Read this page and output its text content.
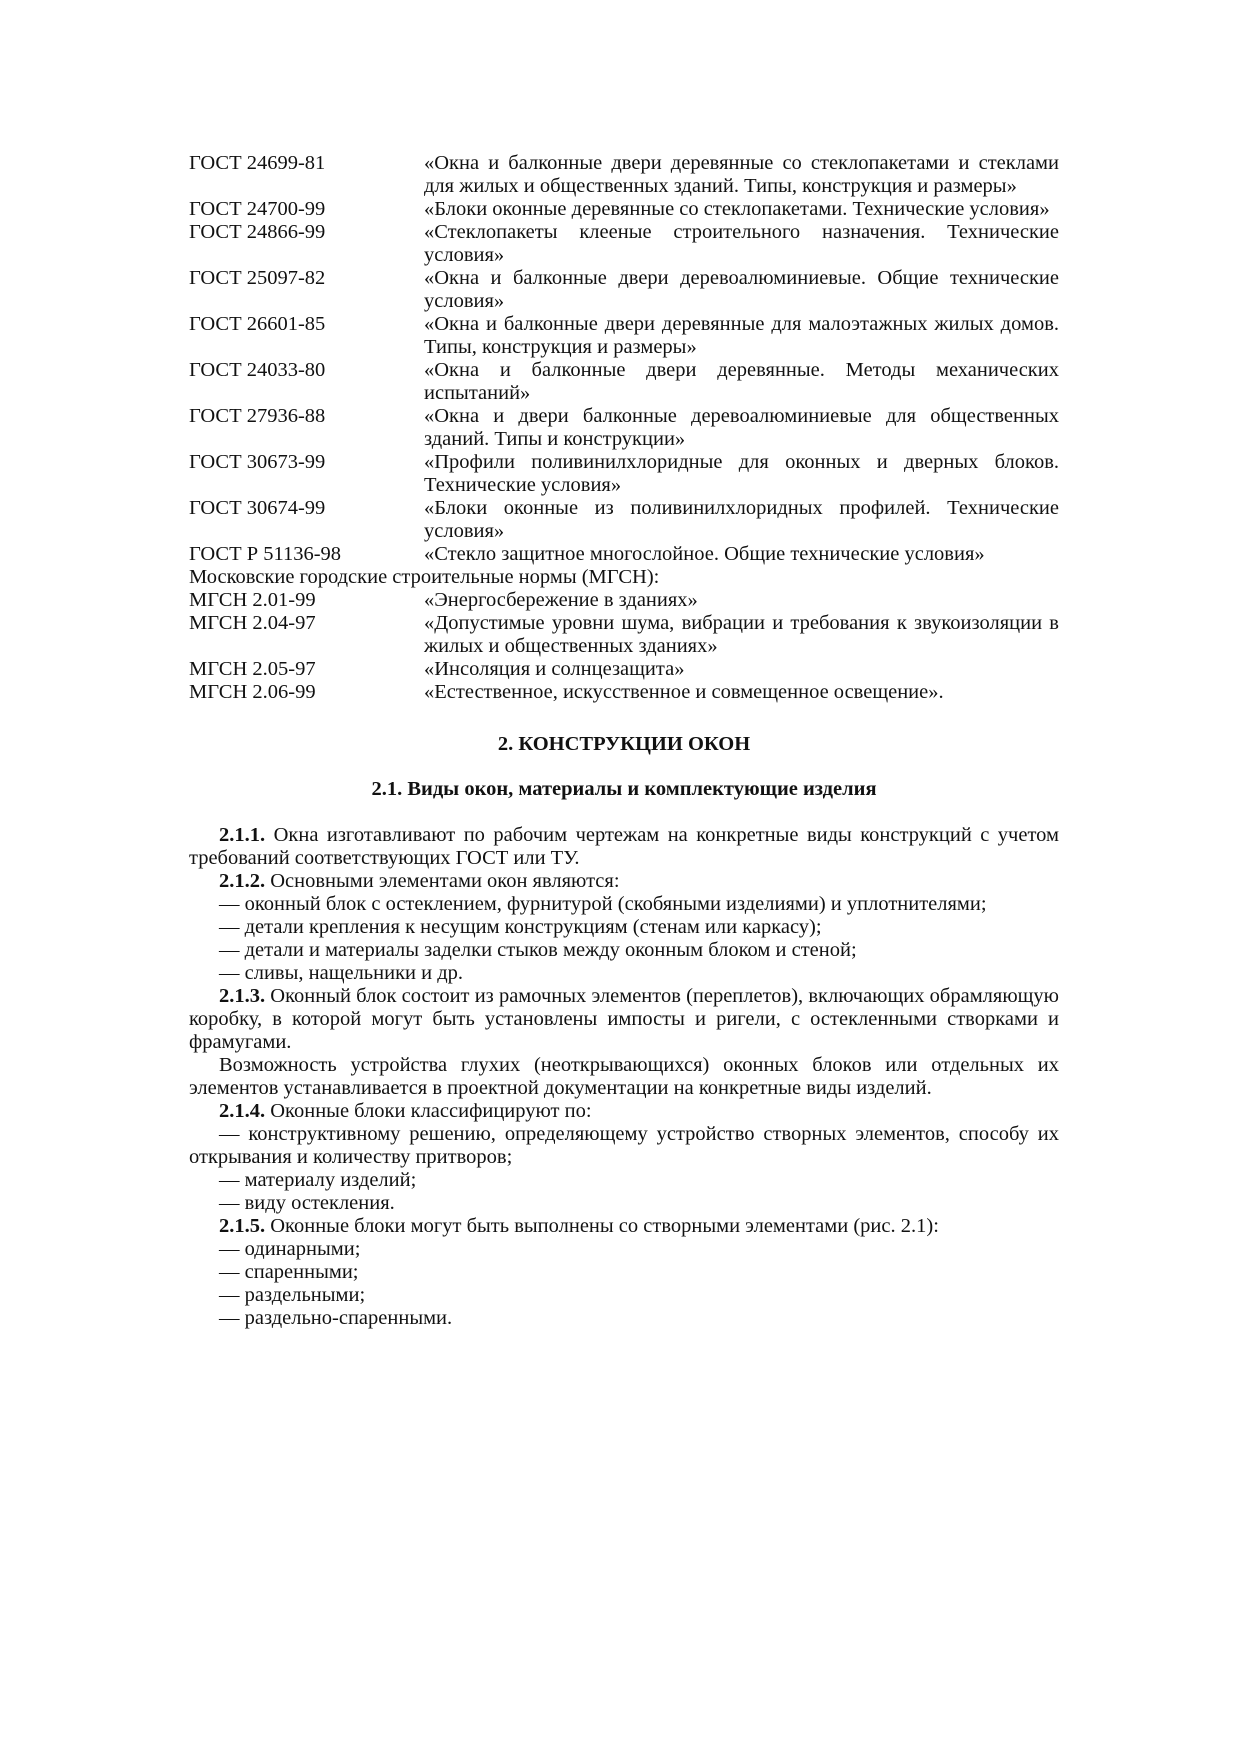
ГОСТ 24699-81	«Окна и балконные двери деревянные со стеклопакетами и стеклами для жилых и общественных зданий. Типы, конструкция и размеры»
ГОСТ 24700-99	«Блоки оконные деревянные со стеклопакетами. Технические условия»
ГОСТ 24866-99	«Стеклопакеты клееные строительного назначения. Технические условия»
ГОСТ 25097-82	«Окна и балконные двери деревоалюминиевые. Общие технические условия»
ГОСТ 26601-85	«Окна и балконные двери деревянные для малоэтажных жилых домов. Типы, конструкция и размеры»
ГОСТ 24033-80	«Окна и балконные двери деревянные. Методы механических испытаний»
ГОСТ 27936-88	«Окна и двери балконные деревоалюминиевые для общественных зданий. Типы и конструкции»
ГОСТ 30673-99	«Профили поливинилхлоридные для оконных и дверных блоков. Технические условия»
ГОСТ 30674-99	«Блоки оконные из поливинилхлоридных профилей. Технические условия»
ГОСТ Р 51136-98	«Стекло защитное многослойное. Общие технические условия»
Московские городские строительные нормы (МГСН):
МГСН 2.01-99	«Энергосбережение в зданиях»
МГСН 2.04-97	«Допустимые уровни шума, вибрации и требования к звукоизоляции в жилых и общественных зданиях»
МГСН 2.05-97	«Инсоляция и солнцезащита»
МГСН 2.06-99	«Естественное, искусственное и совмещенное освещение».
2. КОНСТРУКЦИИ ОКОН
2.1. Виды окон, материалы и комплектующие изделия
2.1.1. Окна изготавливают по рабочим чертежам на конкретные виды конструкций с учетом требований соответствующих ГОСТ или ТУ.
2.1.2. Основными элементами окон являются:
— оконный блок с остеклением, фурнитурой (скобяными изделиями) и уплотнителями;
— детали крепления к несущим конструкциям (стенам или каркасу);
— детали и материалы заделки стыков между оконным блоком и стеной;
— сливы, нащельники и др.
2.1.3. Оконный блок состоит из рамочных элементов (переплетов), включающих обрамляющую коробку, в которой могут быть установлены импосты и ригели, с остекленными створками и фрамугами.
Возможность устройства глухих (неоткрывающихся) оконных блоков или отдельных их элементов устанавливается в проектной документации на конкретные виды изделий.
2.1.4. Оконные блоки классифицируют по:
— конструктивному решению, определяющему устройство створных элементов, способу их открывания и количеству притворов;
— материалу изделий;
— виду остекления.
2.1.5. Оконные блоки могут быть выполнены со створными элементами (рис. 2.1):
— одинарными;
— спаренными;
— раздельными;
— раздельно-спаренными.
